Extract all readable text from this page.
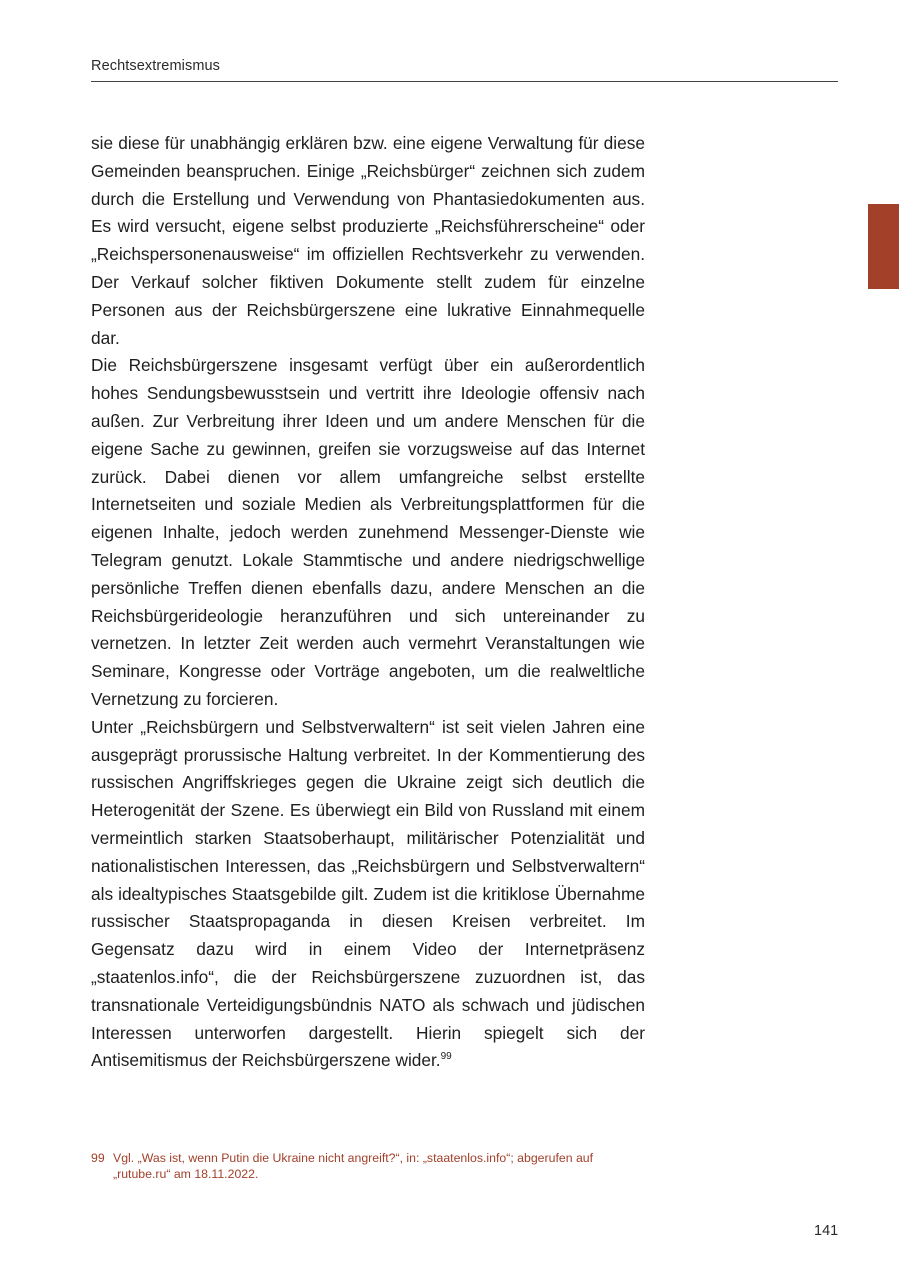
Rechtsextremismus

sie diese für unabhängig erklären bzw. eine eigene Verwaltung für diese Gemeinden beanspruchen. Einige „Reichsbürger“ zeichnen sich zudem durch die Erstellung und Verwendung von Phantasiedokumenten aus. Es wird versucht, eigene selbst produzierte „Reichsführerscheine“ oder „Reichspersonenausweise“ im offiziellen Rechtsverkehr zu verwenden. Der Verkauf solcher fiktiven Dokumente stellt zudem für einzelne Personen aus der Reichsbürgerszene eine lukrative Einnahmequelle dar.

Die Reichsbürgerszene insgesamt verfügt über ein außerordentlich hohes Sendungsbewusstsein und vertritt ihre Ideologie offensiv nach außen. Zur Verbreitung ihrer Ideen und um andere Menschen für die eigene Sache zu gewinnen, greifen sie vorzugsweise auf das Internet zurück. Dabei dienen vor allem umfangreiche selbst erstellte Internetseiten und soziale Medien als Verbreitungsplattformen für die eigenen Inhalte, jedoch werden zunehmend Messenger-Dienste wie Telegram genutzt. Lokale Stammtische und andere niedrigschwellige persönliche Treffen dienen ebenfalls dazu, andere Menschen an die Reichsbürgerideologie heranzuführen und sich untereinander zu vernetzen. In letzter Zeit werden auch vermehrt Veranstaltungen wie Seminare, Kongresse oder Vorträge angeboten, um die realweltliche Vernetzung zu forcieren.

Unter „Reichsbürgern und Selbstverwaltern“ ist seit vielen Jahren eine ausgeprägt prorussische Haltung verbreitet. In der Kommentierung des russischen Angriffskrieges gegen die Ukraine zeigt sich deutlich die Heterogenität der Szene. Es überwiegt ein Bild von Russland mit einem vermeintlich starken Staatsoberhaupt, militärischer Potenzialität und nationalistischen Interessen, das „Reichsbürgern und Selbstverwaltern“ als idealtypisches Staatsgebilde gilt. Zudem ist die kritiklose Übernahme russischer Staatspropaganda in diesen Kreisen verbreitet. Im Gegensatz dazu wird in einem Video der Internetpräsenz „staatenlos.info“, die der Reichsbürgerszene zuzuordnen ist, das transnationale Verteidigungsbündnis NATO als schwach und jüdischen Interessen unterworfen dargestellt. Hierin spiegelt sich der Antisemitismus der Reichsbürgerszene wider.$^{99}$

99 Vgl. „Was ist, wenn Putin die Ukraine nicht angreift?“, in: „staatenlos.info“; abgerufen auf „rutube.ru“ am 18.11.2022.
141
